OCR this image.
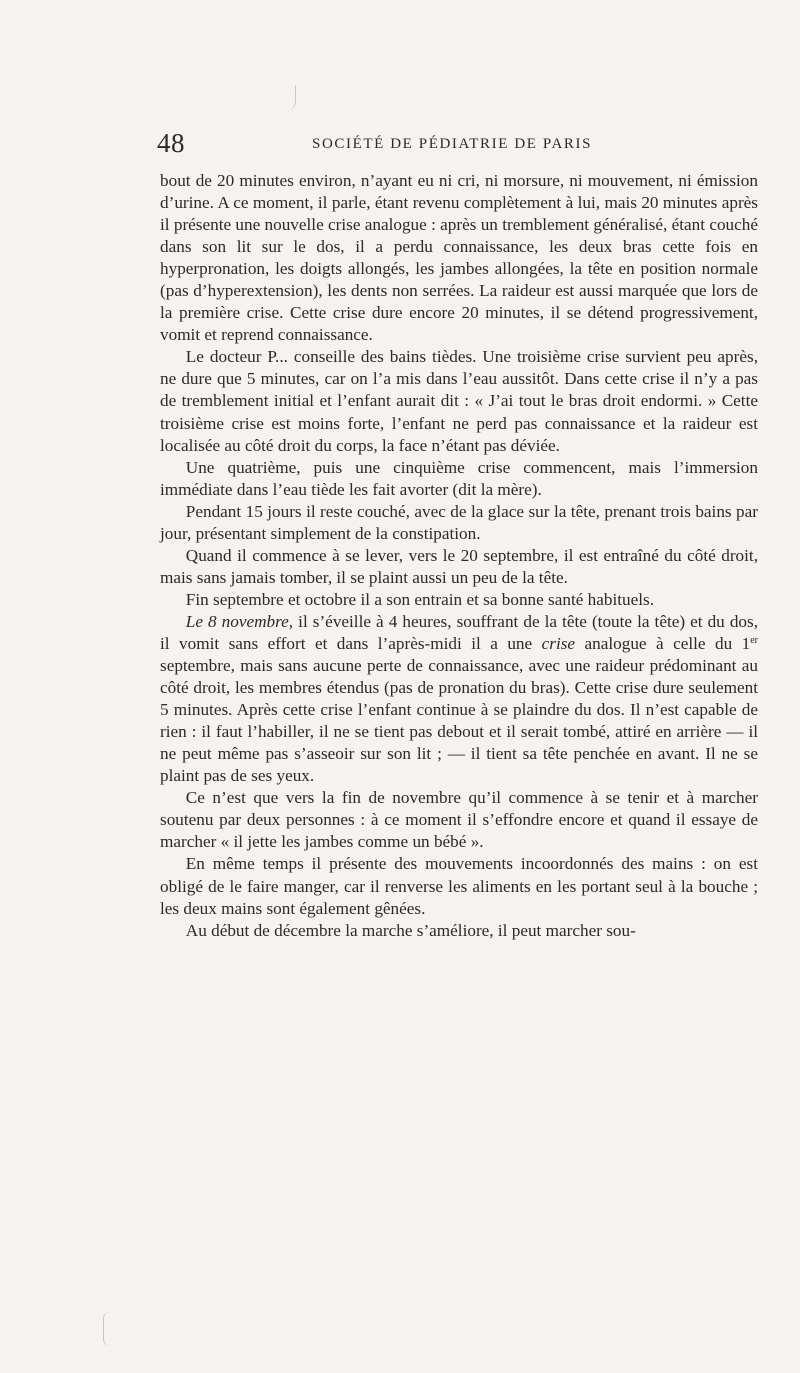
48	SOCIÉTÉ DE PÉDIATRIE DE PARIS

bout de 20 minutes environ, n’ayant eu ni cri, ni morsure, ni mouvement, ni émission d’urine. A ce moment, il parle, étant revenu complètement à lui, mais 20 minutes après il présente une nouvelle crise analogue : après un tremblement généralisé, étant couché dans son lit sur le dos, il a perdu connaissance, les deux bras cette fois en hyperpronation, les doigts allongés, les jambes allongées, la tête en position normale (pas d’hyperextension), les dents non serrées. La raideur est aussi marquée que lors de la première crise. Cette crise dure encore 20 minutes, il se détend progressivement, vomit et reprend connaissance.

Le docteur P... conseille des bains tièdes. Une troisième crise survient peu après, ne dure que 5 minutes, car on l’a mis dans l’eau aussitôt. Dans cette crise il n’y a pas de tremblement initial et l’enfant aurait dit : « J’ai tout le bras droit endormi. » Cette troisième crise est moins forte, l’enfant ne perd pas connaissance et la raideur est localisée au côté droit du corps, la face n’étant pas déviée.

Une quatrième, puis une cinquième crise commencent, mais l’immersion immédiate dans l’eau tiède les fait avorter (dit la mère).

Pendant 15 jours il reste couché, avec de la glace sur la tête, prenant trois bains par jour, présentant simplement de la constipation.

Quand il commence à se lever, vers le 20 septembre, il est entraîné du côté droit, mais sans jamais tomber, il se plaint aussi un peu de la tête.

Fin septembre et octobre il a son entrain et sa bonne santé habituels.

Le 8 novembre, il s’éveille à 4 heures, souffrant de la tête (toute la tête) et du dos, il vomit sans effort et dans l’après-midi il a une crise analogue à celle du 1er septembre, mais sans aucune perte de connaissance, avec une raideur prédominant au côté droit, les membres étendus (pas de pronation du bras). Cette crise dure seulement 5 minutes. Après cette crise l’enfant continue à se plaindre du dos. Il n’est capable de rien : il faut l’habiller, il ne se tient pas debout et il serait tombé, attiré en arrière — il ne peut même pas s’asseoir sur son lit ; — il tient sa tête penchée en avant. Il ne se plaint pas de ses yeux.

Ce n’est que vers la fin de novembre qu’il commence à se tenir et à marcher soutenu par deux personnes : à ce moment il s’effondre encore et quand il essaye de marcher « il jette les jambes comme un bébé ».

En même temps il présente des mouvements incoordonnés des mains : on est obligé de le faire manger, car il renverse les aliments en les portant seul à la bouche ; les deux mains sont également gênées.

Au début de décembre la marche s’améliore, il peut marcher sou-
